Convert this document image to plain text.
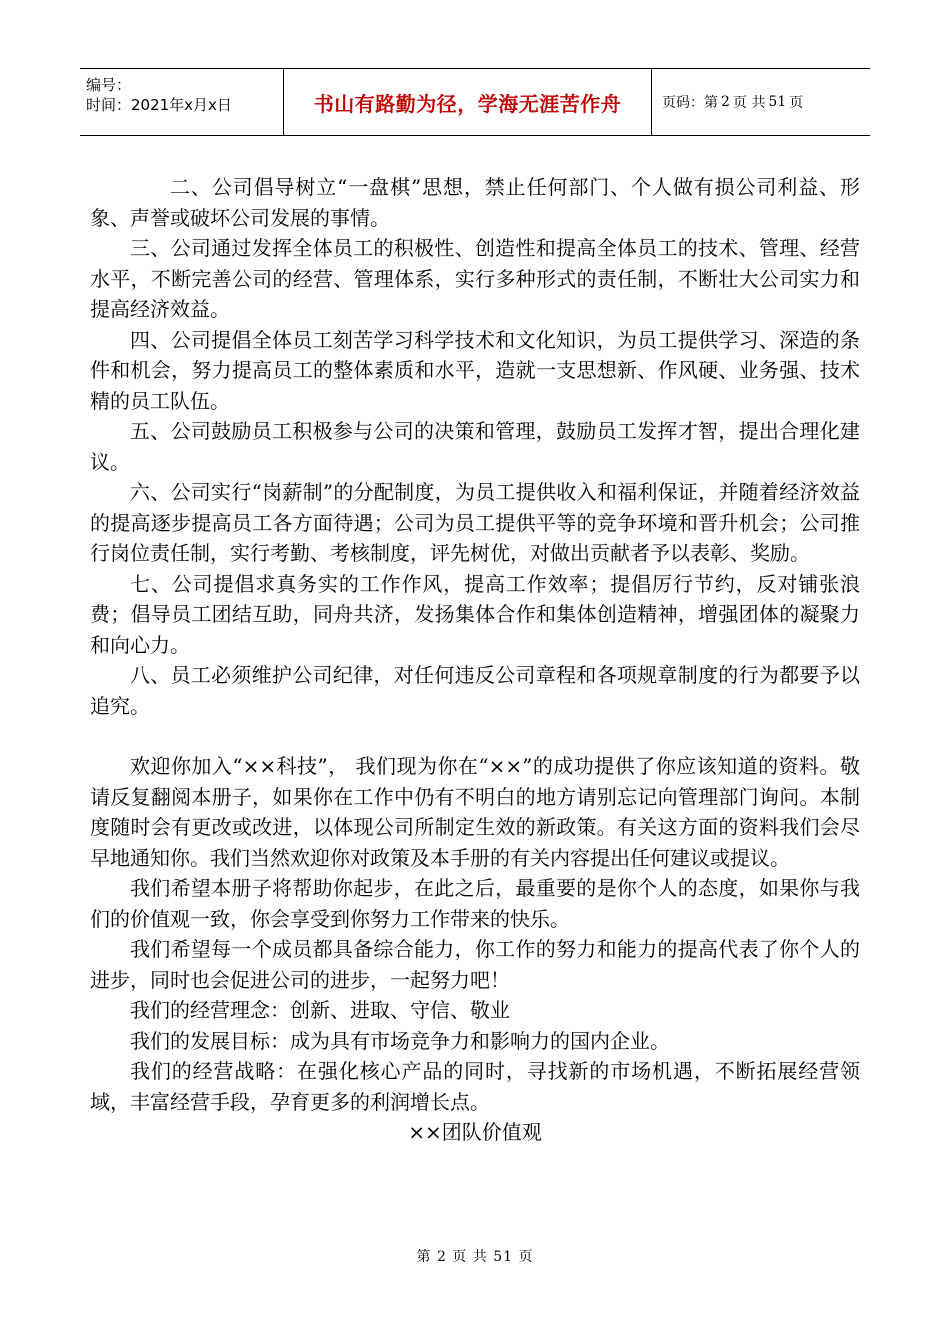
编号：
时间：2021年x月x日	书山有路勤为径，学海无涯苦作舟	页码：第 2 页 共 51 页

二、公司倡导树立“一盘棋”思想，禁止任何部门、个人做有损公司利益、形象、声誉或破坏公司发展的事情。

三、公司通过发挥全体员工的积极性、创造性和提高全体员工的技术、管理、经营水平，不断完善公司的经营、管理体系，实行多种形式的责任制，不断壮大公司实力和提高经济效益。

四、公司提倡全体员工刻苦学习科学技术和文化知识，为员工提供学习、深造的条件和机会，努力提高员工的整体素质和水平，造就一支思想新、作风硬、业务强、技术精的员工队伍。

五、公司鼓励员工积极参与公司的决策和管理，鼓励员工发挥才智，提出合理化建议。

六、公司实行“岗薪制”的分配制度，为员工提供收入和福利保证，并随着经济效益的提高逐步提高员工各方面待遇；公司为员工提供平等的竞争环境和晋升机会；公司推行岗位责任制，实行考勤、考核制度，评先树优，对做出贡献者予以表彰、奖励。

七、公司提倡求真务实的工作作风，提高工作效率；提倡厉行节约，反对铺张浪费；倡导员工团结互助，同舟共济，发扬集体合作和集体创造精神，增强团体的凝聚力和向心力。

八、员工必须维护公司纪律，对任何违反公司章程和各项规章制度的行为都要予以追究。

欢迎你加入“××科技”， 我们现为你在“××”的成功提供了你应该知道的资料。敬请反复翻阅本册子，如果你在工作中仍有不明白的地方请别忘记向管理部门询问。本制度随时会有更改或改进，以体现公司所制定生效的新政策。有关这方面的资料我们会尽早地通知你。我们当然欢迎你对政策及本手册的有关内容提出任何建议或提议。

我们希望本册子将帮助你起步，在此之后，最重要的是你个人的态度，如果你与我们的价值观一致，你会享受到你努力工作带来的快乐。

我们希望每一个成员都具备综合能力，你工作的努力和能力的提高代表了你个人的进步，同时也会促进公司的进步，一起努力吧！

我们的经营理念：创新、进取、守信、敬业

我们的发展目标：成为具有市场竞争力和影响力的国内企业。

我们的经营战略：在强化核心产品的同时，寻找新的市场机遇，不断拓展经营领域，丰富经营手段，孕育更多的利润增长点。

××团队价值观

第 2 页 共 51 页
